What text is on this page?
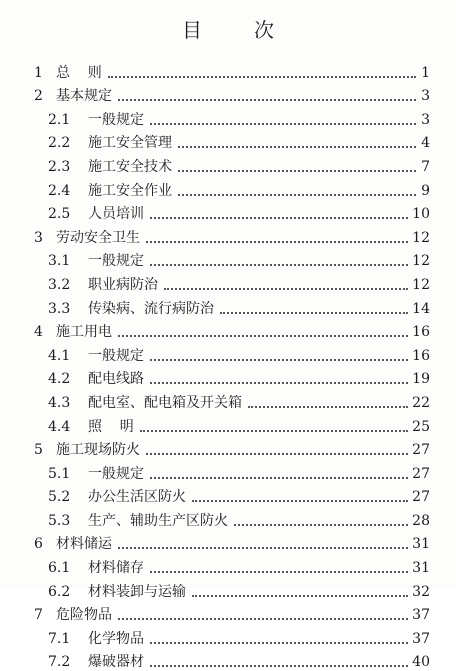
目	次
1 总    则	1
2 基本规定	3
2.1	一般规定	3
2.2	施工安全管理	4
2.3	施工安全技术	7
2.4	施工安全作业	9
2.5	人员培训	10
3 劳动安全卫生	12
3.1	一般规定	12
3.2	职业病防治	12
3.3	传染病、流行病防治	14
4 施工用电	16
4.1	一般规定	16
4.2	配电线路	19
4.3	配电室、配电箱及开关箱	22
4.4	照    明	25
5 施工现场防火	27
5.1	一般规定	27
5.2	办公生活区防火	27
5.3	生产、辅助生产区防火	28
6 材料储运	31
6.1	材料储存	31
6.2	材料装卸与运输	32
7 危险物品	37
7.1	化学物品	37
7.2	爆破器材	40
